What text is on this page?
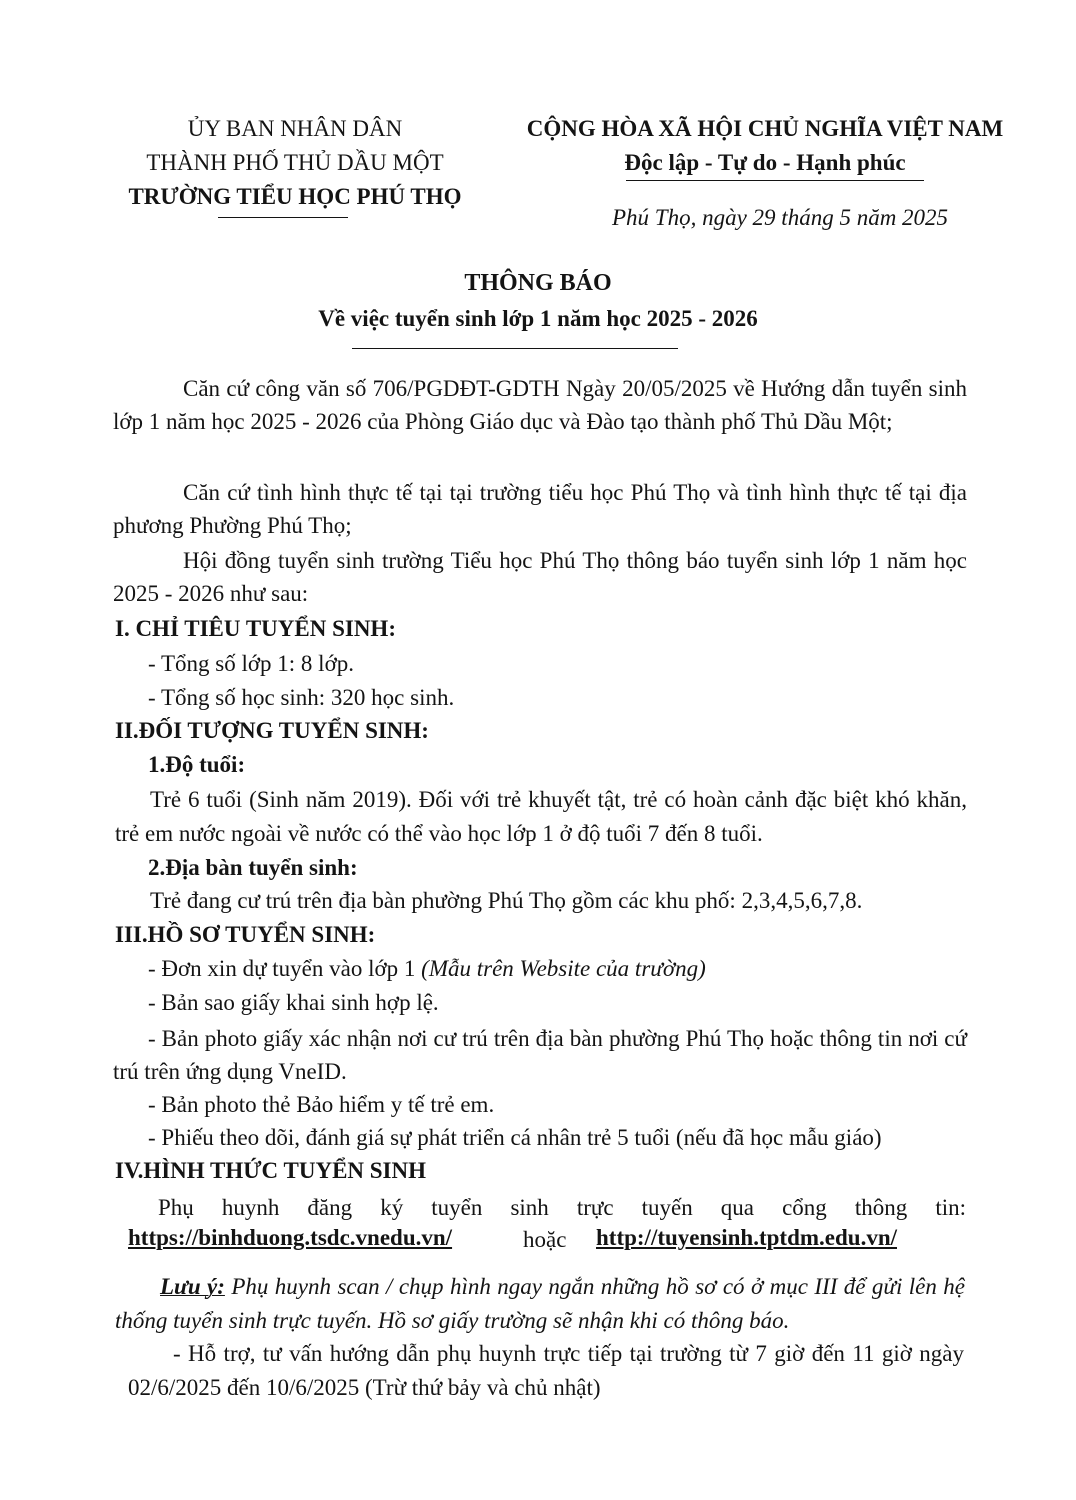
ỦY BAN NHÂN DÂN
THÀNH PHỐ THỦ DẦU MỘT
TRƯỜNG TIỂU HỌC PHÚ THỌ
CỘNG HÒA XÃ HỘI CHỦ NGHĨA VIỆT NAM
Độc lập - Tự do - Hạnh phúc
Phú Thọ, ngày 29 tháng 5 năm 2025
THÔNG BÁO
Về việc tuyển sinh lớp 1 năm học 2025 - 2026
Căn cứ công văn số 706/PGDĐT-GDTH Ngày 20/05/2025 về Hướng dẫn tuyển sinh lớp 1 năm học 2025 - 2026 của Phòng Giáo dục và Đào tạo thành phố Thủ Dầu Một;
Căn cứ tình hình thực tế tại tại trường tiểu học Phú Thọ và tình hình thực tế tại địa phương Phường Phú Thọ;
Hội đồng tuyển sinh trường Tiểu học Phú Thọ thông báo tuyển sinh lớp 1 năm học 2025 - 2026 như sau:
I. CHỈ TIÊU TUYỂN SINH:
- Tổng số lớp 1: 8 lớp.
- Tổng số học sinh: 320 học sinh.
II.ĐỐI TƯỢNG TUYỂN SINH:
1.Độ tuổi:
Trẻ 6 tuổi (Sinh năm 2019). Đối với trẻ khuyết tật, trẻ có hoàn cảnh đặc biệt khó khăn, trẻ em nước ngoài về nước có thể vào học lớp 1 ở độ tuổi 7 đến 8 tuổi.
2.Địa bàn tuyển sinh:
Trẻ đang cư trú trên địa bàn phường Phú Thọ gồm các khu phố: 2,3,4,5,6,7,8.
III.HỒ SƠ TUYỂN SINH:
- Đơn xin dự tuyển vào lớp 1 (Mẫu trên Website của trường)
- Bản sao giấy khai sinh hợp lệ.
- Bản photo giấy xác nhận nơi cư trú trên địa bàn phường Phú Thọ hoặc thông tin nơi cứ trú trên ứng dụng VneID.
- Bản photo thẻ Bảo hiểm y tế trẻ em.
- Phiếu theo dõi, đánh giá sự phát triển cá nhân trẻ 5 tuổi (nếu đã học mẫu giáo)
IV.HÌNH THỨC TUYỂN SINH
Phụ huynh đăng ký tuyển sinh trực tuyến qua cổng thông tin:
https://binhduong.tsdc.vnedu.vn/	hoặc http://tuyensinh.tptdm.edu.vn/
Lưu ý: Phụ huynh scan / chụp hình ngay ngắn những hồ sơ có ở mục III để gửi lên hệ thống tuyển sinh trực tuyến. Hồ sơ giấy trường sẽ nhận khi có thông báo.
- Hỗ trợ, tư vấn hướng dẫn phụ huynh trực tiếp tại trường từ 7 giờ đến 11 giờ ngày 02/6/2025 đến 10/6/2025 (Trừ thứ bảy và chủ nhật)
